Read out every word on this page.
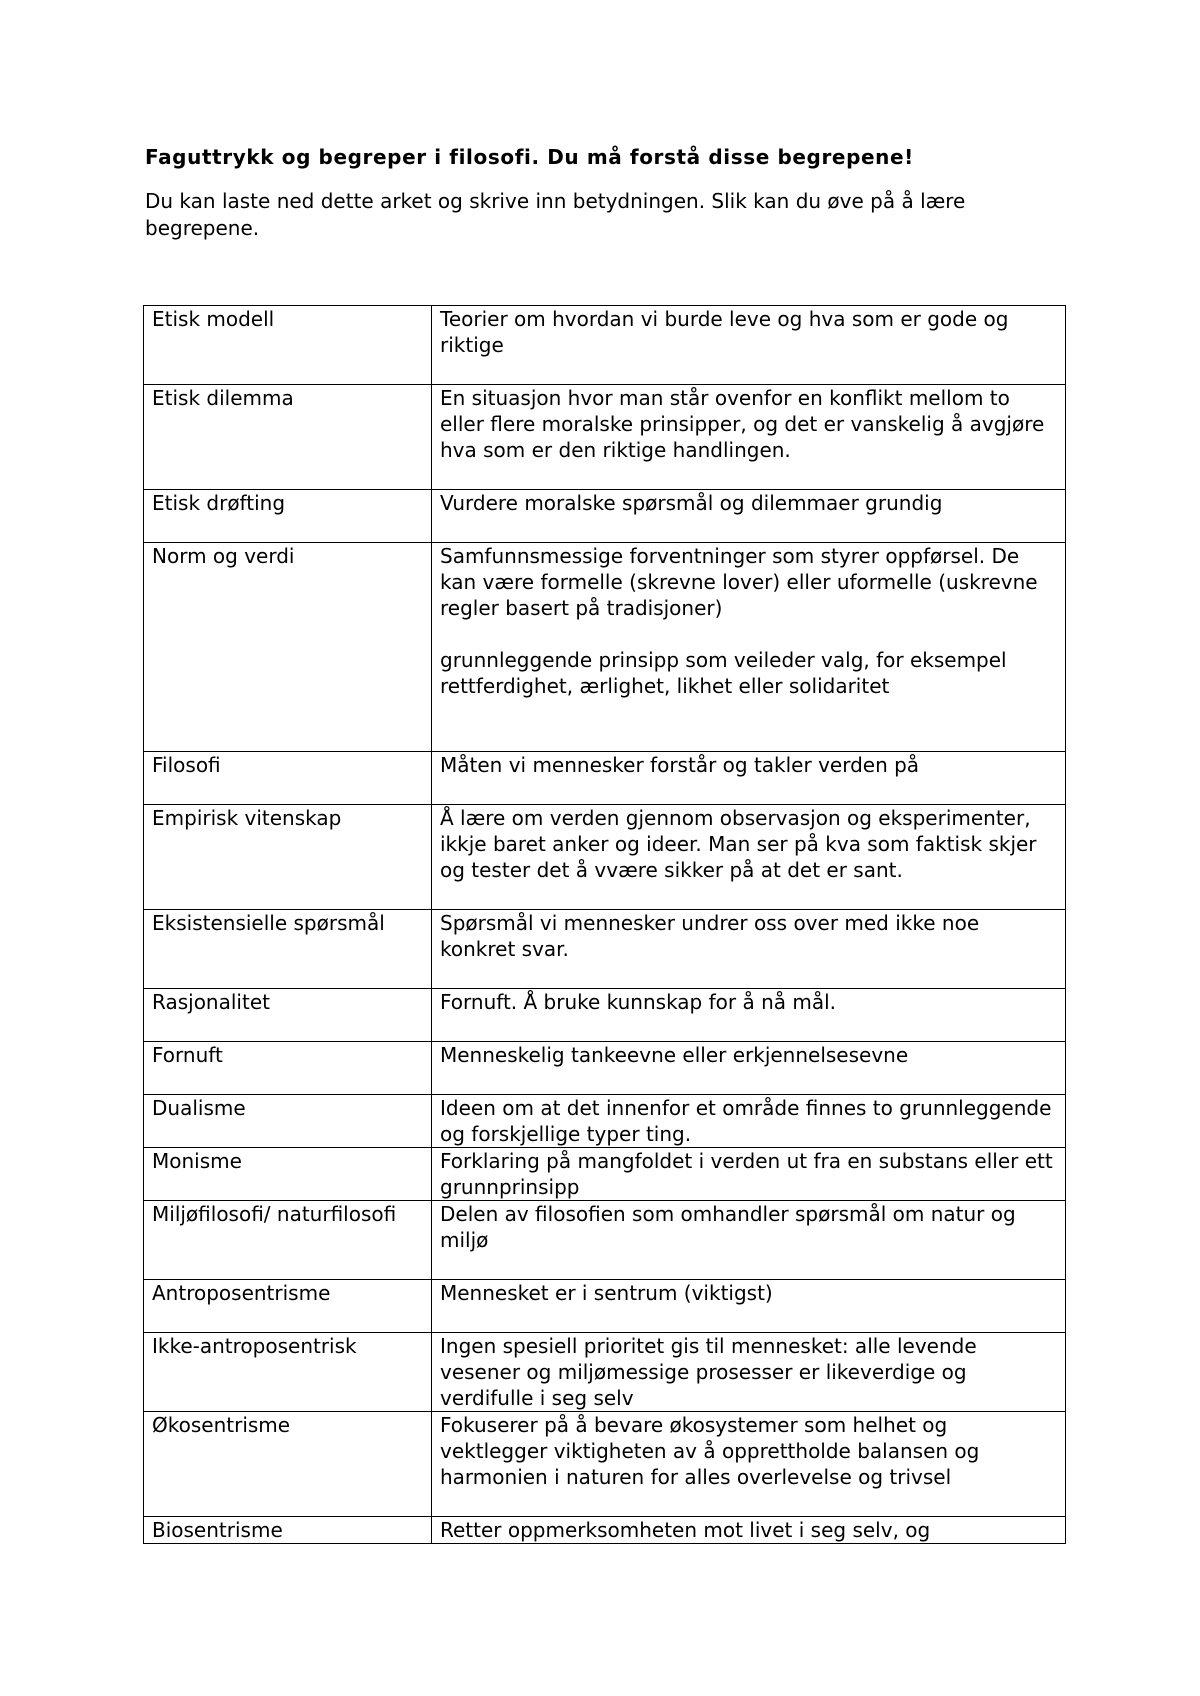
Faguttrykk og begreper i filosofi. Du må forstå disse begrepene!
Du kan laste ned dette arket og skrive inn betydningen. Slik kan du øve på å lære begrepene.
Etisk modell	Teorier om hvordan vi burde leve og hva som er gode og riktige

Etisk dilemma	En situasjon hvor man står ovenfor en konflikt mellom to eller flere moralske prinsipper, og det er vanskelig å avgjøre hva som er den riktige handlingen.

Etisk drøfting	Vurdere moralske spørsmål og dilemmaer grundig

Norm og verdi	Samfunnsmessige forventninger som styrer oppførsel. De kan være formelle (skrevne lover) eller uformelle (uskrevne regler basert på tradisjoner)
grunnleggende prinsipp som veileder valg, for eksempel rettferdighet, ærlighet, likhet eller solidaritet

Filosofi	Måten vi mennesker forstår og takler verden på

Empirisk vitenskap	Å lære om verden gjennom observasjon og eksperimenter, ikkje baret anker og ideer. Man ser på kva som faktisk skjer og tester det å vvære sikker på at det er sant.

Eksistensielle spørsmål	Spørsmål vi mennesker undrer oss over med ikke noe konkret svar.

Rasjonalitet	Fornuft. Å bruke kunnskap for å nå mål.

Fornuft	Menneskelig tankeevne eller erkjennelsesevne

Dualisme	Ideen om at det innenfor et område finnes to grunnleggende og forskjellige typer ting.

Monisme	Forklaring på mangfoldet i verden ut fra en substans eller ett grunnprinsipp

Miljøfilosofi/ naturfilosofi	Delen av filosofien som omhandler spørsmål om natur og miljø

Antroposentrisme	Mennesket er i sentrum (viktigst)

Ikke-antroposentrisk	Ingen spesiell prioritet gis til mennesket: alle levende vesener og miljømessige prosesser er likeverdige og verdifulle i seg selv

Økosentrisme	Fokuserer på å bevare økosystemer som helhet og vektlegger viktigheten av å opprettholde balansen og harmonien i naturen for alles overlevelse og trivsel

Biosentrisme	Retter oppmerksomheten mot livet i seg selv, og
